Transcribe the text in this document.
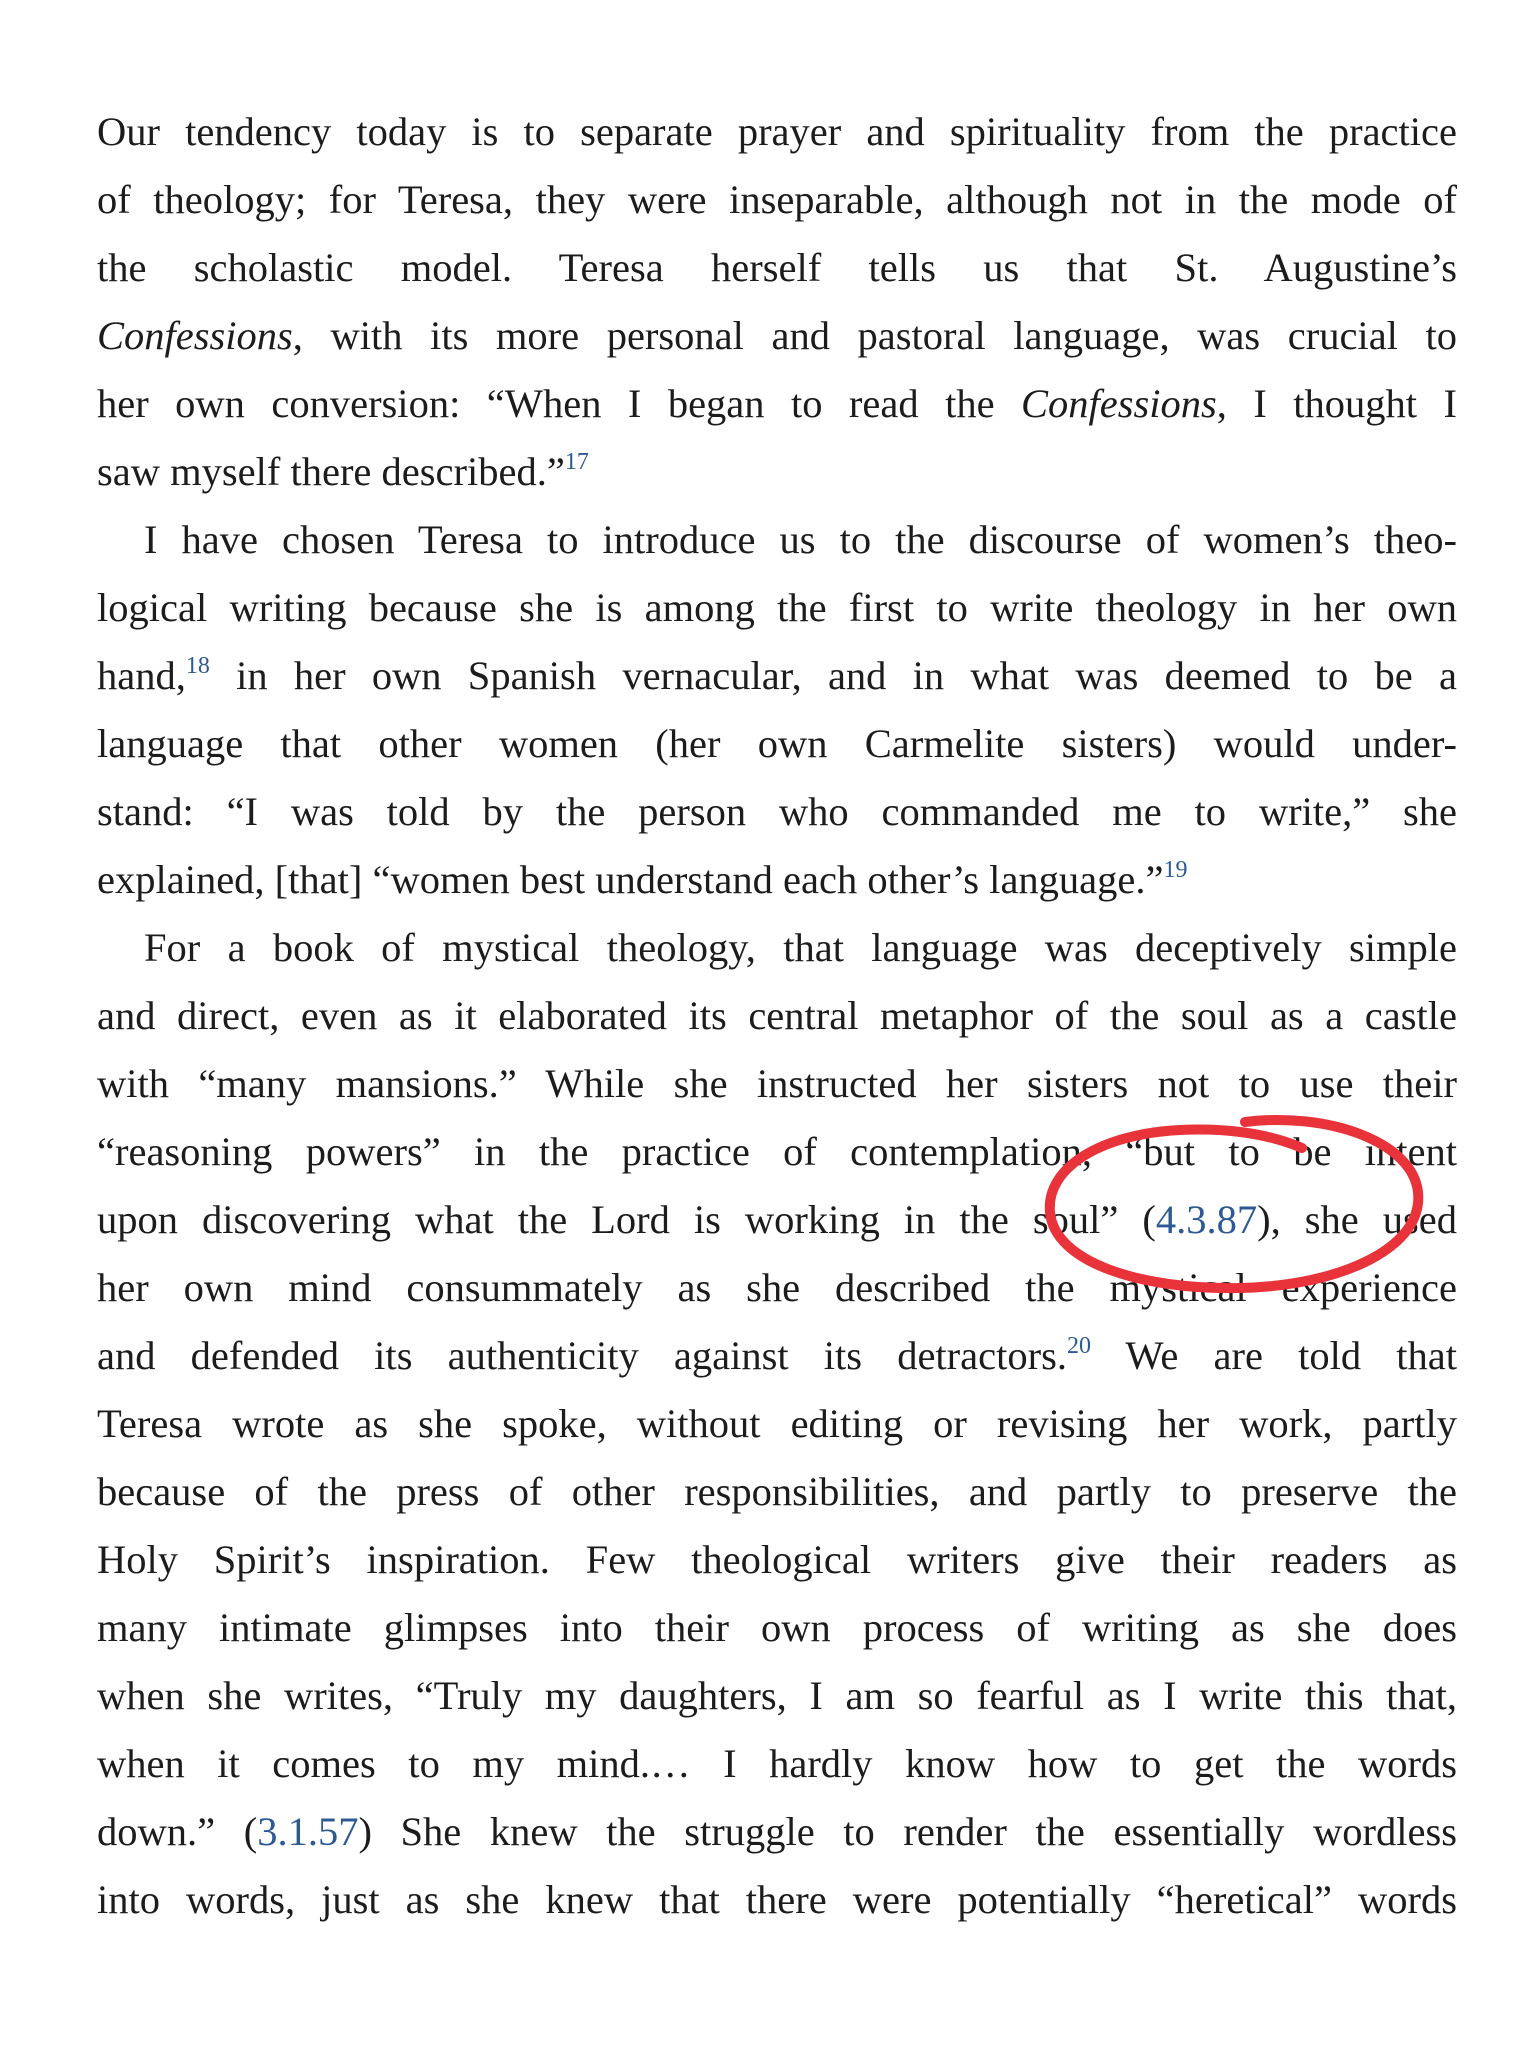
Our tendency today is to separate prayer and spirituality from the practice
of theology; for Teresa, they were inseparable, although not in the mode of
the scholastic model. Teresa herself tells us that St. Augustine’s
Confessions, with its more personal and pastoral language, was crucial to
her own conversion: “When I began to read the Confessions, I thought I
saw myself there described.”$^{17}$
I have chosen Teresa to introduce us to the discourse of women’s theo-
logical writing because she is among the first to write theology in her own
hand,$^{18}$ in her own Spanish vernacular, and in what was deemed to be a
language that other women (her own Carmelite sisters) would under-
stand: “I was told by the person who commanded me to write,” she
explained, [that] “women best understand each other’s language.”$^{19}$
For a book of mystical theology, that language was deceptively simple
and direct, even as it elaborated its central metaphor of the soul as a castle
with “many mansions.” While she instructed her sisters not to use their
“reasoning powers” in the practice of contemplation, “but to be intent
upon discovering what the Lord is working in the soul” (4.3.87), she used
her own mind consummately as she described the mystical experience
and defended its authenticity against its detractors.$^{20}$ We are told that
Teresa wrote as she spoke, without editing or revising her work, partly
because of the press of other responsibilities, and partly to preserve the
Holy Spirit’s inspiration. Few theological writers give their readers as
many intimate glimpses into their own process of writing as she does
when she writes, “Truly my daughters, I am so fearful as I write this that,
when it comes to my mind.… I hardly know how to get the words
down.” (3.1.57) She knew the struggle to render the essentially wordless
into words, just as she knew that there were potentially “heretical” words
